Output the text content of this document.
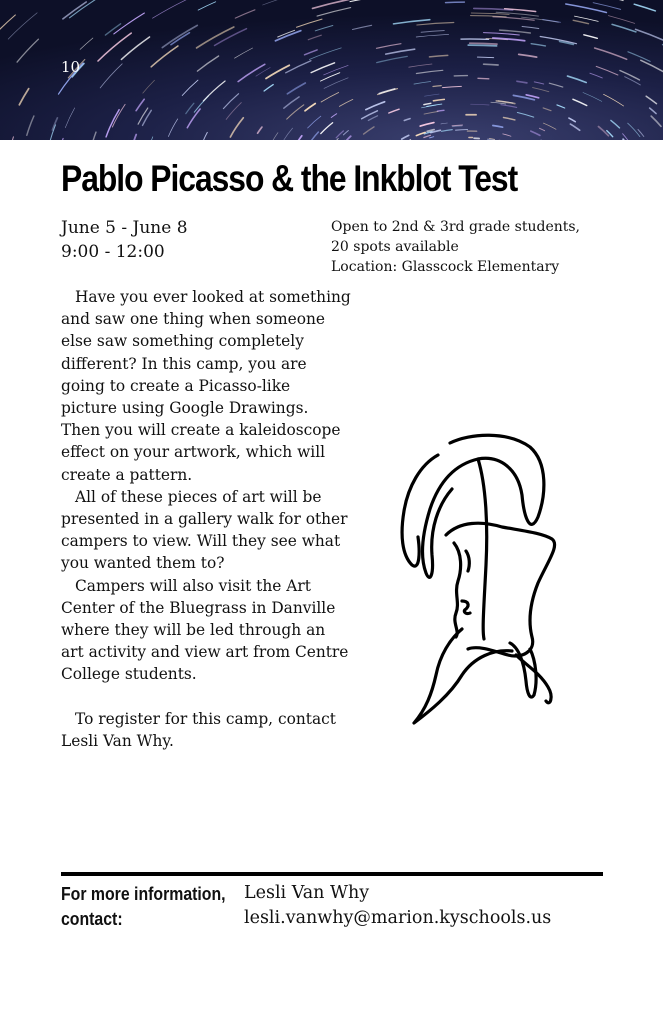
10
Pablo Picasso & the Inkblot Test
June 5 - June 8
9:00 - 12:00
Open to 2nd & 3rd grade students,
20 spots available
Location: Glasscock Elementary

Have you ever looked at something and saw one thing when someone else saw something completely different? In this camp, you are going to create a Picasso-like picture using Google Drawings. Then you will create a kaleidoscope effect on your artwork, which will create a pattern.

All of these pieces of art will be presented in a gallery walk for other campers to view. Will they see what you wanted them to?

Campers will also visit the Art Center of the Bluegrass in Danville where they will be led through an art activity and view art from Centre College students.

To register for this camp, contact Lesli Van Why.

For more information,
contact:
Lesli Van Why
lesli.vanwhy@marion.kyschools.us
